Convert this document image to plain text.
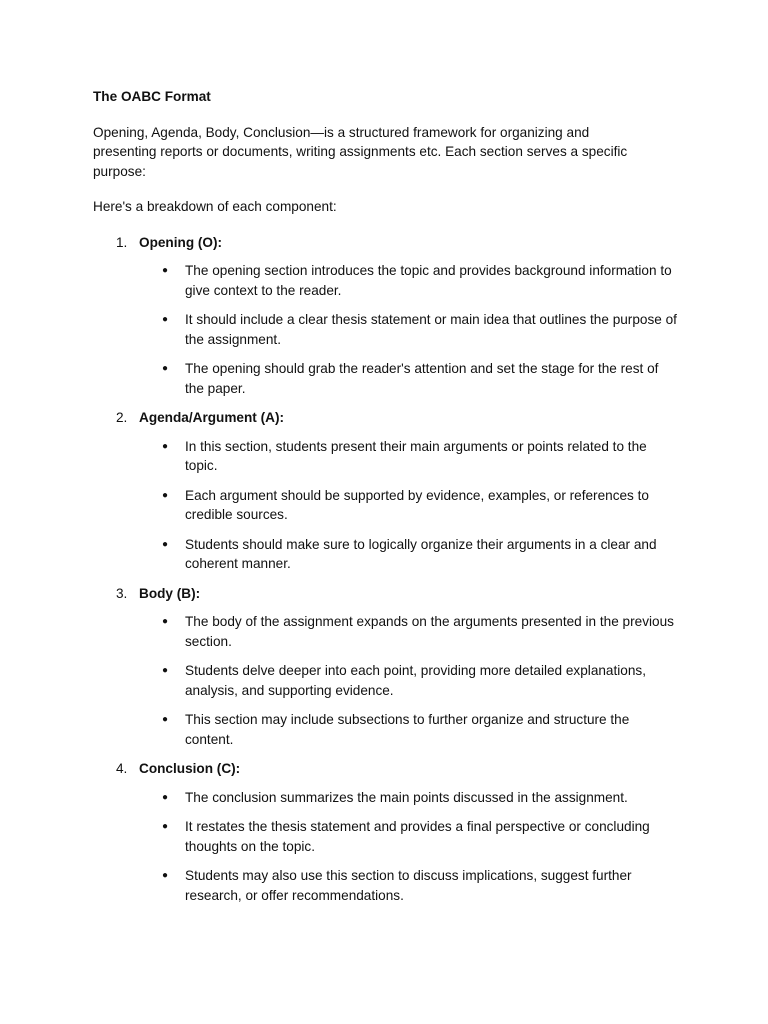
The OABC Format
Opening, Agenda, Body, Conclusion—is a structured framework for organizing and presenting reports or documents, writing assignments etc. Each section serves a specific purpose:
Here's a breakdown of each component:
1. Opening (O):
● The opening section introduces the topic and provides background information to give context to the reader.
● It should include a clear thesis statement or main idea that outlines the purpose of the assignment.
● The opening should grab the reader's attention and set the stage for the rest of the paper.
2. Agenda/Argument (A):
● In this section, students present their main arguments or points related to the topic.
● Each argument should be supported by evidence, examples, or references to credible sources.
● Students should make sure to logically organize their arguments in a clear and coherent manner.
3. Body (B):
● The body of the assignment expands on the arguments presented in the previous section.
● Students delve deeper into each point, providing more detailed explanations, analysis, and supporting evidence.
● This section may include subsections to further organize and structure the content.
4. Conclusion (C):
● The conclusion summarizes the main points discussed in the assignment.
● It restates the thesis statement and provides a final perspective or concluding thoughts on the topic.
● Students may also use this section to discuss implications, suggest further research, or offer recommendations.
